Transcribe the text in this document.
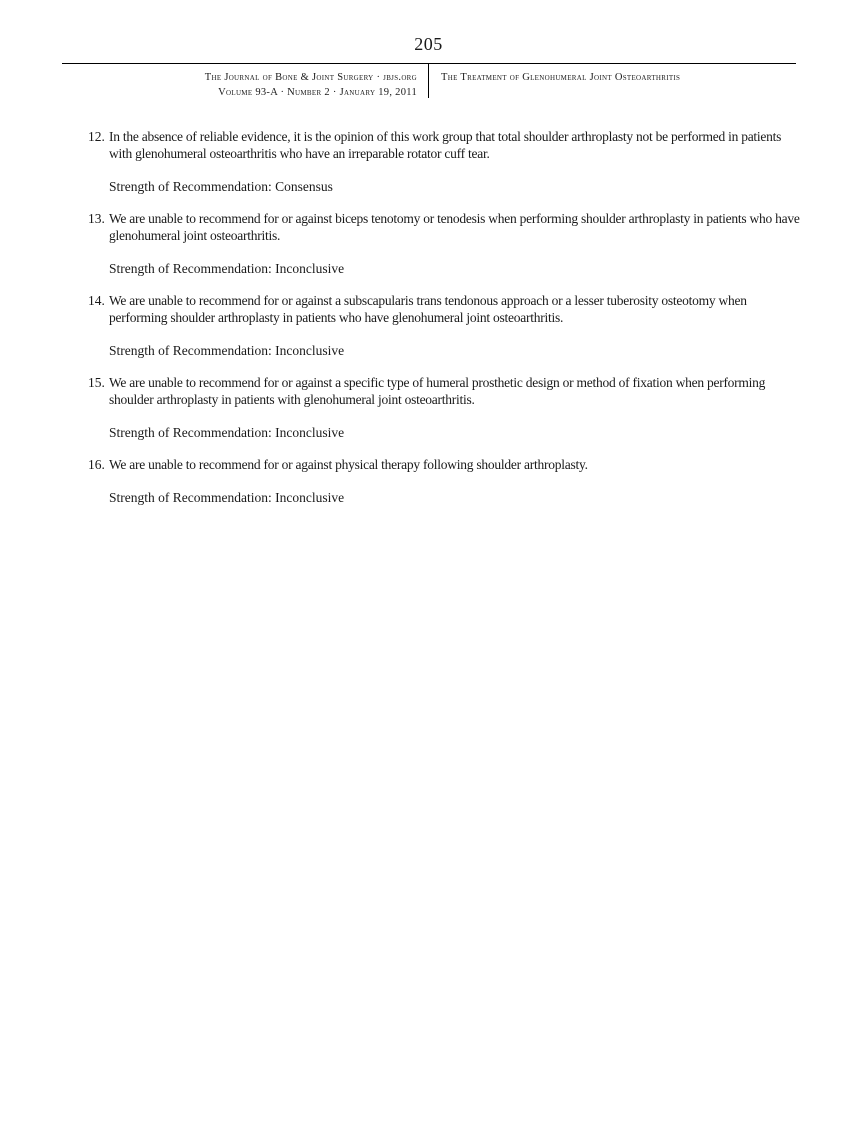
205
The Journal of Bone & Joint Surgery · jbjs.org
Volume 93-A · Number 2 · January 19, 2011
The Treatment of Glenohumeral Joint Osteoarthritis
12. In the absence of reliable evidence, it is the opinion of this work group that total shoulder arthroplasty not be performed in patients with glenohumeral osteoarthritis who have an irreparable rotator cuff tear.

Strength of Recommendation: Consensus

13. We are unable to recommend for or against biceps tenotomy or tenodesis when performing shoulder arthroplasty in patients who have glenohumeral joint osteoarthritis.

Strength of Recommendation: Inconclusive

14. We are unable to recommend for or against a subscapularis trans tendonous approach or a lesser tuberosity osteotomy when performing shoulder arthroplasty in patients who have glenohumeral joint osteoarthritis.

Strength of Recommendation: Inconclusive

15. We are unable to recommend for or against a specific type of humeral prosthetic design or method of fixation when performing shoulder arthroplasty in patients with glenohumeral joint osteoarthritis.

Strength of Recommendation: Inconclusive

16. We are unable to recommend for or against physical therapy following shoulder arthroplasty.

Strength of Recommendation: Inconclusive
